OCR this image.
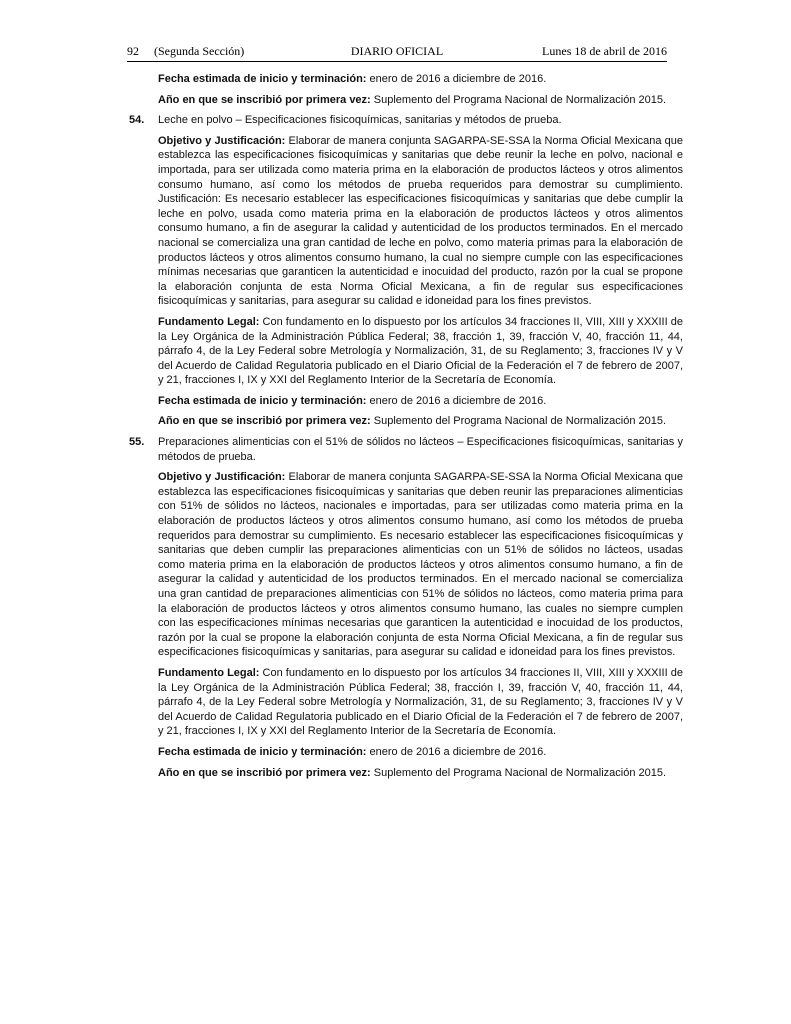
92     (Segunda Sección)	DIARIO OFICIAL	Lunes 18 de abril de 2016

Fecha estimada de inicio y terminación: enero de 2016 a diciembre de 2016.

Año en que se inscribió por primera vez: Suplemento del Programa Nacional de Normalización 2015.

54. Leche en polvo – Especificaciones fisicoquímicas, sanitarias y métodos de prueba.

Objetivo y Justificación: Elaborar de manera conjunta SAGARPA-SE-SSA la Norma Oficial Mexicana que establezca las especificaciones fisicoquímicas y sanitarias que debe reunir la leche en polvo, nacional e importada, para ser utilizada como materia prima en la elaboración de productos lácteos y otros alimentos consumo humano, así como los métodos de prueba requeridos para demostrar su cumplimiento. Justificación: Es necesario establecer las especificaciones fisicoquímicas y sanitarias que debe cumplir la leche en polvo, usada como materia prima en la elaboración de productos lácteos y otros alimentos consumo humano, a fin de asegurar la calidad y autenticidad de los productos terminados. En el mercado nacional se comercializa una gran cantidad de leche en polvo, como materia primas para la elaboración de productos lácteos y otros alimentos consumo humano, la cual no siempre cumple con las especificaciones mínimas necesarias que garanticen la autenticidad e inocuidad del producto, razón por la cual se propone la elaboración conjunta de esta Norma Oficial Mexicana, a fin de regular sus especificaciones fisicoquímicas y sanitarias, para asegurar su calidad e idoneidad para los fines previstos.

Fundamento Legal: Con fundamento en lo dispuesto por los artículos 34 fracciones II, VIII, XIII y XXXIII de la Ley Orgánica de la Administración Pública Federal; 38, fracción 1, 39, fracción V, 40, fracción 11, 44, párrafo 4, de la Ley Federal sobre Metrología y Normalización, 31, de su Reglamento; 3, fracciones IV y V del Acuerdo de Calidad Regulatoria publicado en el Diario Oficial de la Federación el 7 de febrero de 2007, y 21, fracciones I, IX y XXI del Reglamento Interior de la Secretaría de Economía.

Fecha estimada de inicio y terminación: enero de 2016 a diciembre de 2016.

Año en que se inscribió por primera vez: Suplemento del Programa Nacional de Normalización 2015.

55. Preparaciones alimenticias con el 51% de sólidos no lácteos – Especificaciones fisicoquímicas, sanitarias y métodos de prueba.

Objetivo y Justificación: Elaborar de manera conjunta SAGARPA-SE-SSA la Norma Oficial Mexicana que establezca las especificaciones fisicoquímicas y sanitarias que deben reunir las preparaciones alimenticias con 51% de sólidos no lácteos, nacionales e importadas, para ser utilizadas como materia prima en la elaboración de productos lácteos y otros alimentos consumo humano, así como los métodos de prueba requeridos para demostrar su cumplimiento. Es necesario establecer las especificaciones fisicoquímicas y sanitarias que deben cumplir las preparaciones alimenticias con un 51% de sólidos no lácteos, usadas como materia prima en la elaboración de productos lácteos y otros alimentos consumo humano, a fin de asegurar la calidad y autenticidad de los productos terminados. En el mercado nacional se comercializa una gran cantidad de preparaciones alimenticias con 51% de sólidos no lácteos, como materia prima para la elaboración de productos lácteos y otros alimentos consumo humano, las cuales no siempre cumplen con las especificaciones mínimas necesarias que garanticen la autenticidad e inocuidad de los productos, razón por la cual se propone la elaboración conjunta de esta Norma Oficial Mexicana, a fin de regular sus especificaciones fisicoquímicas y sanitarias, para asegurar su calidad e idoneidad para los fines previstos.

Fundamento Legal: Con fundamento en lo dispuesto por los artículos 34 fracciones II, VIII, XIII y XXXIII de la Ley Orgánica de la Administración Pública Federal; 38, fracción I, 39, fracción V, 40, fracción 11, 44, párrafo 4, de la Ley Federal sobre Metrología y Normalización, 31, de su Reglamento; 3, fracciones IV y V del Acuerdo de Calidad Regulatoria publicado en el Diario Oficial de la Federación el 7 de febrero de 2007, y 21, fracciones I, IX y XXI del Reglamento Interior de la Secretaría de Economía.

Fecha estimada de inicio y terminación: enero de 2016 a diciembre de 2016.

Año en que se inscribió por primera vez: Suplemento del Programa Nacional de Normalización 2015.
